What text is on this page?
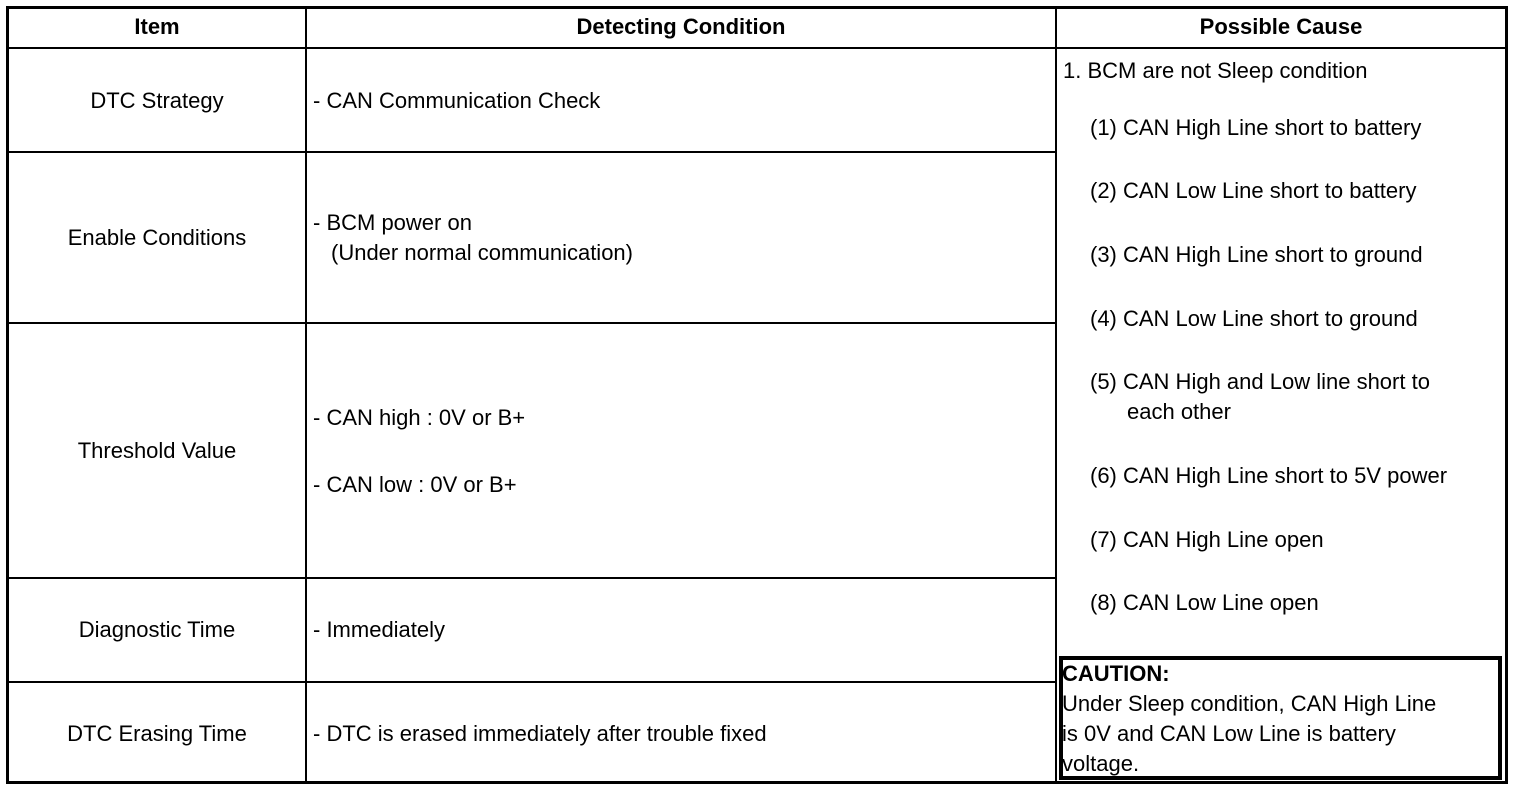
Item	Detecting Condition	Possible Cause
DTC Strategy
Enable Conditions
Threshold Value
Diagnostic Time
DTC Erasing Time
- CAN Communication Check
- BCM power on
(Under normal communication)
- CAN high : 0V or B+
- CAN low : 0V or B+
- Immediately
- DTC is erased immediately after trouble fixed
1. BCM are not Sleep condition
(1) CAN High Line short to battery
(2) CAN Low Line short to battery
(3) CAN High Line short to ground
(4) CAN Low Line short to ground
(5) CAN High and Low line short to
each other
(6) CAN High Line short to 5V power
(7) CAN High Line open
(8) CAN Low Line open
CAUTION:
Under Sleep condition, CAN High Line
is 0V and CAN Low Line is battery
voltage.
